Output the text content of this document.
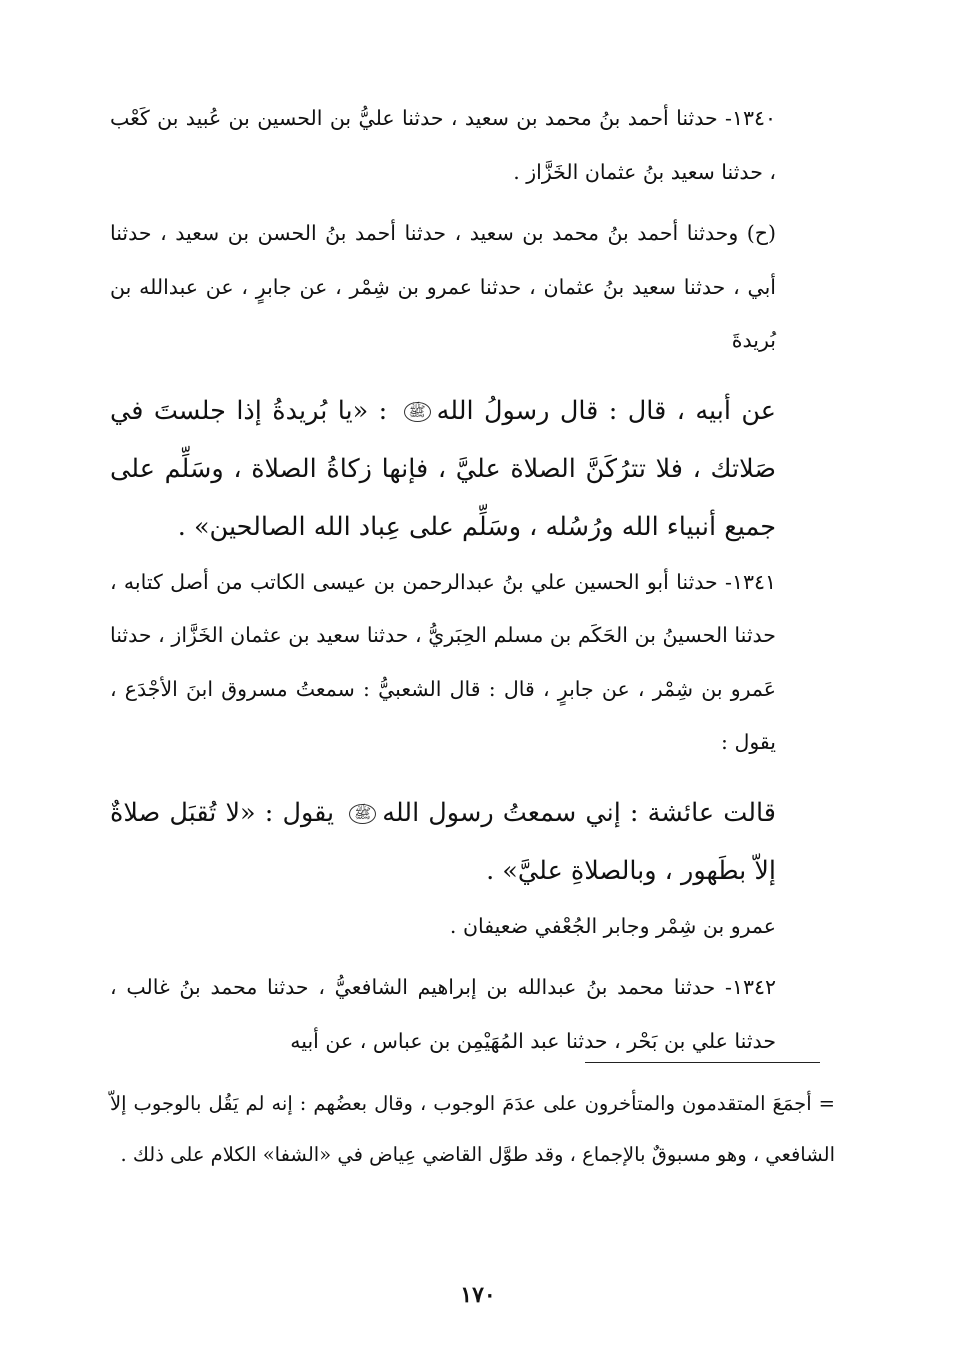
١٣٤٠- حدثنا أحمد بنُ محمد بن سعيد ، حدثنا عليُّ بن الحسين بن عُبيد بن كَعْب ، حدثنا سعيد بنُ عثمان الخَزَّاز .

(ح) وحدثنا أحمد بنُ محمد بن سعيد ، حدثنا أحمد بنُ الحسن بن سعيد ، حدثنا أبي ، حدثنا سعيد بنُ عثمان ، حدثنا عمرو بن شِمْر ، عن جابرٍ ، عن عبدالله بن بُريدةَ

عن أبيه ، قال : قال رسولُ اللهﷺ : «يا بُريدةُ إذا جلستَ في صَلاتك ، فلا تترُكَنَّ الصلاة عليَّ ، فإنها زكاةُ الصلاة ، وسَلِّم على جميع أنبياء الله ورُسُله ، وسَلِّم على عِباد الله الصالحين» .

١٣٤١- حدثنا أبو الحسين علي بنُ عبدالرحمن بن عيسى الكاتب من أصل كتابه ، حدثنا الحسينُ بن الحَكَم بن مسلم الحِبَريُّ ، حدثنا سعيد بن عثمان الخَزَّاز ، حدثنا عَمرو بن شِمْر ، عن جابرٍ ، قال : قال الشعبيُّ : سمعتُ مسروق ابنَ الأجْدَع ، يقول :

قالت عائشة : إني سمعتُ رسول اللهﷺ يقول : «لا تُقبَل صلاةٌ إلاّ بطَهور ، وبالصلاةِ عليَّ» .

عمرو بن شِمْر وجابر الجُعْفي ضعيفان .

١٣٤٢- حدثنا محمد بنُ عبدالله بن إبراهيم الشافعيُّ ، حدثنا محمد بنُ غالب ، حدثنا علي بن بَحْر ، حدثنا عبد المُهَيْمِن بن عباس ، عن أبيه

= أجمَعَ المتقدمون والمتأخرون على عدَمَ الوجوب ، وقال بعضُهم : إنه لم يَقُل بالوجوب إلاّ الشافعي ، وهو مسبوقٌ بالإجماع ، وقد طوَّل القاضي عِياض في «الشفا» الكلام على ذلك .

١٧٠
